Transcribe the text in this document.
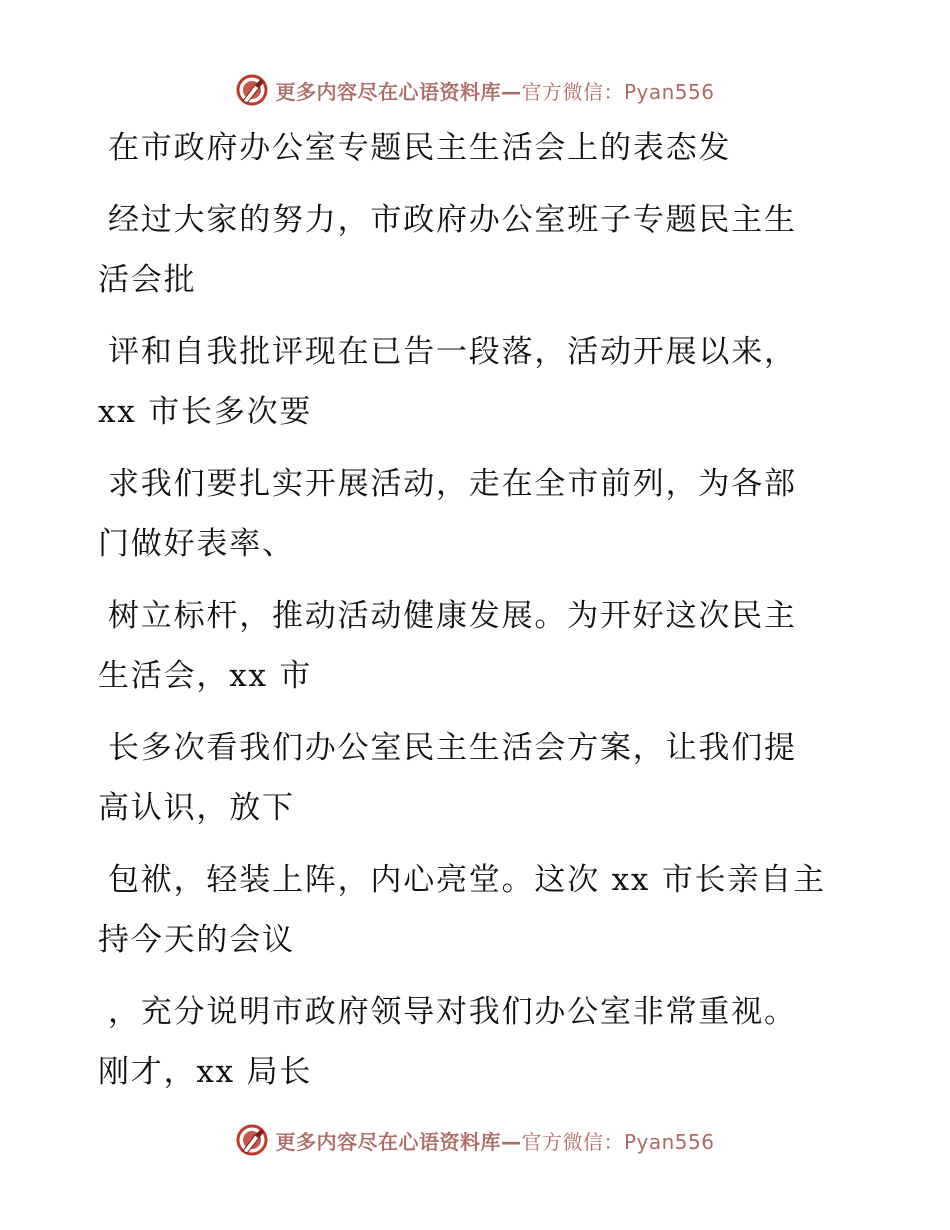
更多内容尽在心语资料库—官方微信：Pyan556
在市政府办公室专题民主生活会上的表态发
经过大家的努力，市政府办公室班子专题民主生
活会批
评和自我批评现在已告一段落，活动开展以来，
xx 市长多次要
求我们要扎实开展活动，走在全市前列，为各部
门做好表率、
树立标杆，推动活动健康发展。为开好这次民主
生活会，xx 市
长多次看我们办公室民主生活会方案，让我们提
高认识，放下
包袱，轻装上阵，内心亮堂。这次 xx 市长亲自主
持今天的会议
，充分说明市政府领导对我们办公室非常重视。
刚才，xx 局长
更多内容尽在心语资料库—官方微信：Pyan556
